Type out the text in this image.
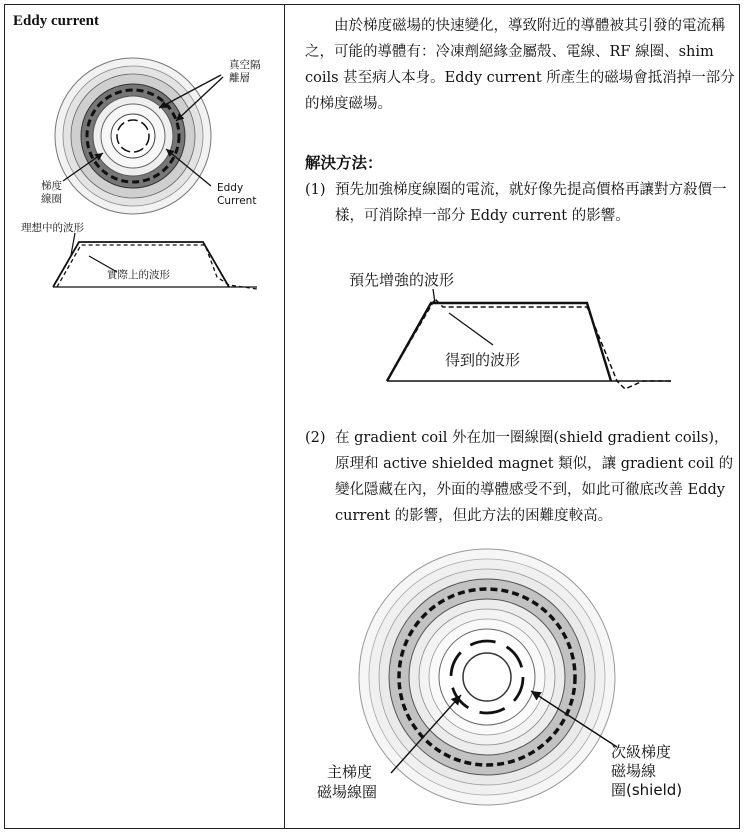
Eddy current
真空隔
離層
梯度
線圈
Eddy
Current
理想中的波形
實際上的波形
由於梯度磁場的快速變化，導致附近的導體被其引發的電流稱之，可能的導體有：冷凍劑絕緣金屬殼、電線、RF 線圈、shim coils 甚至病人本身。Eddy current 所產生的磁場會抵消掉一部分的梯度磁場。
解決方法：
(1) 預先加強梯度線圈的電流，就好像先提高價格再讓對方殺價一樣，可消除掉一部分 Eddy current 的影響。
預先增強的波形
得到的波形
(2) 在 gradient coil 外在加一圈線圈(shield gradient coils)，原理和 active shielded magnet 類似，讓 gradient coil 的變化隱藏在內，外面的導體感受不到，如此可徹底改善 Eddy current 的影響，但此方法的困難度較高。
主梯度
磁場線圈
次級梯度
磁場線
圈(shield)
